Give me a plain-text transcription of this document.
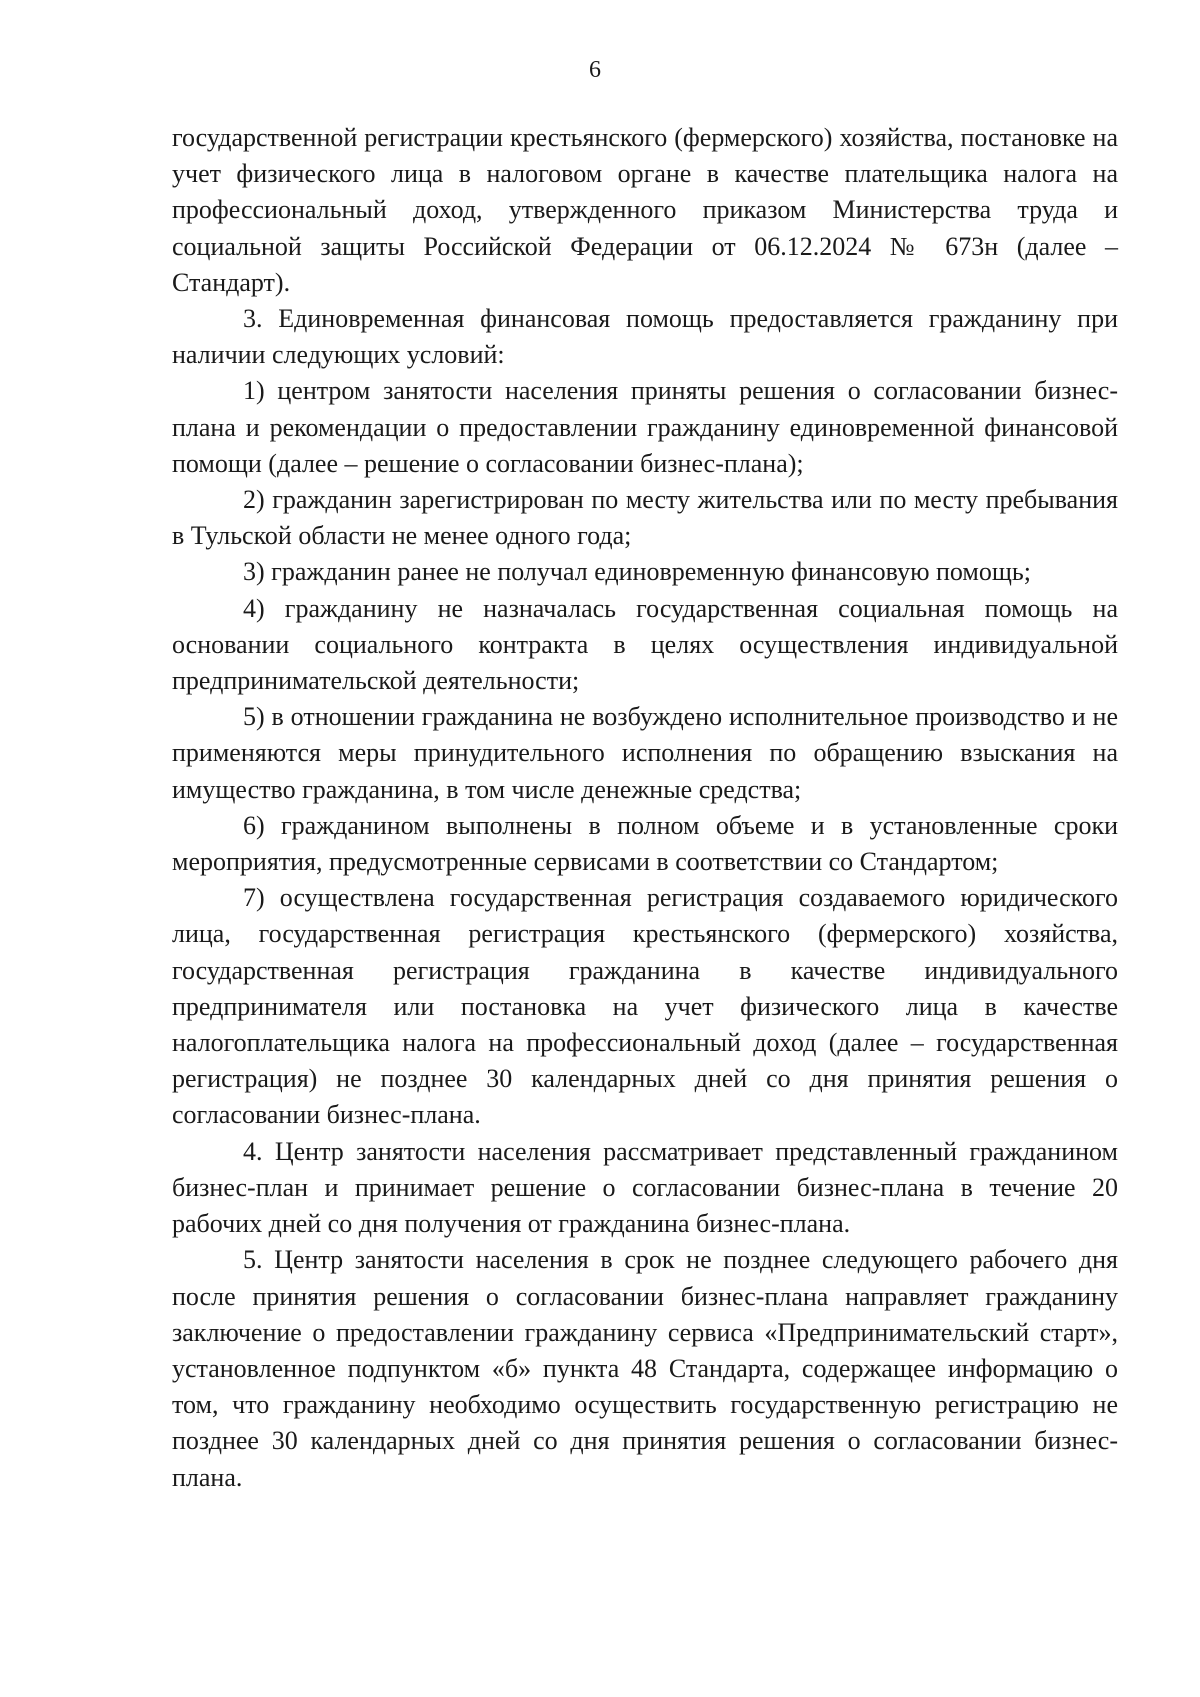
6

государственной регистрации крестьянского (фермерского) хозяйства, постановке на учет физического лица в налоговом органе в качестве плательщика налога на профессиональный доход, утвержденного приказом Министерства труда и социальной защиты Российской Федерации от 06.12.2024 № 673н (далее – Стандарт).

3. Единовременная финансовая помощь предоставляется гражданину при наличии следующих условий:

1) центром занятости населения приняты решения о согласовании бизнес-плана и рекомендации о предоставлении гражданину единовременной финансовой помощи (далее – решение о согласовании бизнес-плана);

2) гражданин зарегистрирован по месту жительства или по месту пребывания в Тульской области не менее одного года;

3) гражданин ранее не получал единовременную финансовую помощь;

4) гражданину не назначалась государственная социальная помощь на основании социального контракта в целях осуществления индивидуальной предпринимательской деятельности;

5) в отношении гражданина не возбуждено исполнительное производство и не применяются меры принудительного исполнения по обращению взыскания на имущество гражданина, в том числе денежные средства;

6) гражданином выполнены в полном объеме и в установленные сроки мероприятия, предусмотренные сервисами в соответствии со Стандартом;

7) осуществлена государственная регистрация создаваемого юридического лица, государственная регистрация крестьянского (фермерского) хозяйства, государственная регистрация гражданина в качестве индивидуального предпринимателя или постановка на учет физического лица в качестве налогоплательщика налога на профессиональный доход (далее – государственная регистрация) не позднее 30 календарных дней со дня принятия решения о согласовании бизнес-плана.

4. Центр занятости населения рассматривает представленный гражданином бизнес-план и принимает решение о согласовании бизнес-плана в течение 20 рабочих дней со дня получения от гражданина бизнес-плана.

5. Центр занятости населения в срок не позднее следующего рабочего дня после принятия решения о согласовании бизнес-плана направляет гражданину заключение о предоставлении гражданину сервиса «Предпринимательский старт», установленное подпунктом «б» пункта 48 Стандарта, содержащее информацию о том, что гражданину необходимо осуществить государственную регистрацию не позднее 30 календарных дней со дня принятия решения о согласовании бизнес-плана.
